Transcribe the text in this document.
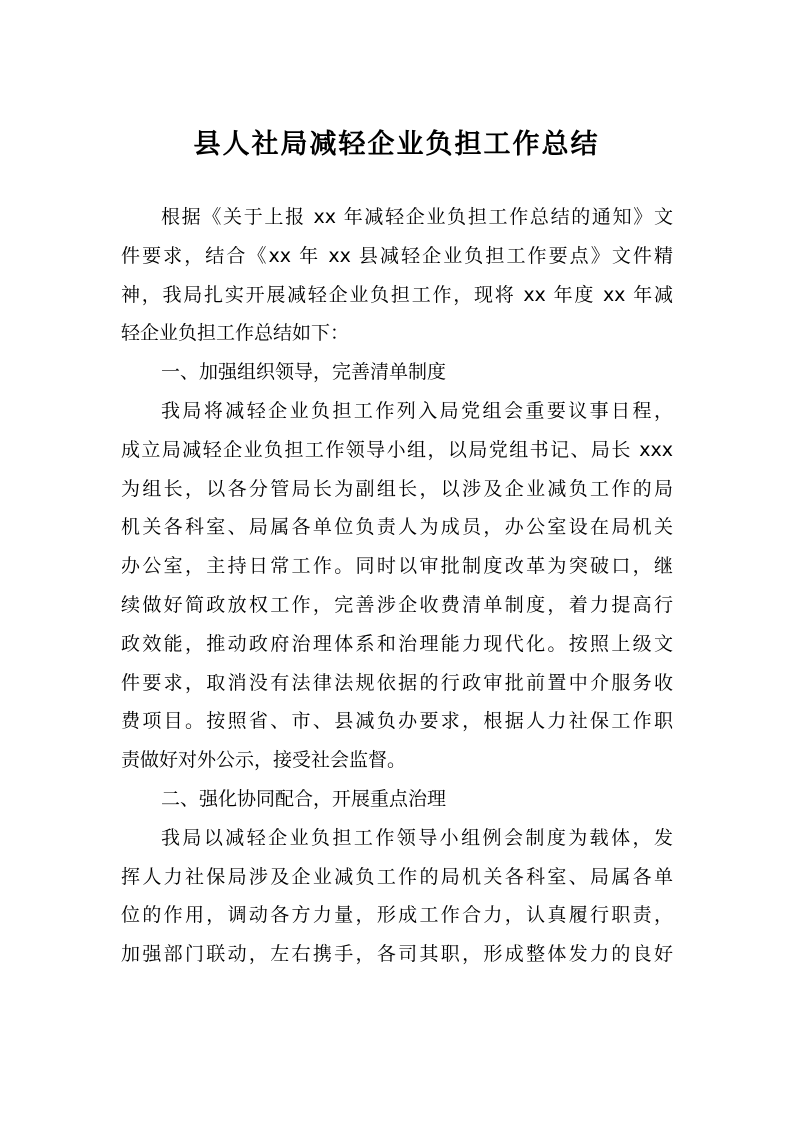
县人社局减轻企业负担工作总结

根据《关于上报 xx 年减轻企业负担工作总结的通知》文
件要求，结合《xx 年 xx 县减轻企业负担工作要点》文件精
神，我局扎实开展减轻企业负担工作，现将 xx 年度 xx 年减
轻企业负担工作总结如下：

一、加强组织领导，完善清单制度

我局将减轻企业负担工作列入局党组会重要议事日程，
成立局减轻企业负担工作领导小组，以局党组书记、局长 xxx
为组长，以各分管局长为副组长，以涉及企业减负工作的局
机关各科室、局属各单位负责人为成员，办公室设在局机关
办公室，主持日常工作。同时以审批制度改革为突破口，继
续做好简政放权工作，完善涉企收费清单制度，着力提高行
政效能，推动政府治理体系和治理能力现代化。按照上级文
件要求，取消没有法律法规依据的行政审批前置中介服务收
费项目。按照省、市、县减负办要求，根据人力社保工作职
责做好对外公示，接受社会监督。

二、强化协同配合，开展重点治理

我局以减轻企业负担工作领导小组例会制度为载体，发
挥人力社保局涉及企业减负工作的局机关各科室、局属各单
位的作用，调动各方力量，形成工作合力，认真履行职责，
加强部门联动，左右携手，各司其职，形成整体发力的良好
